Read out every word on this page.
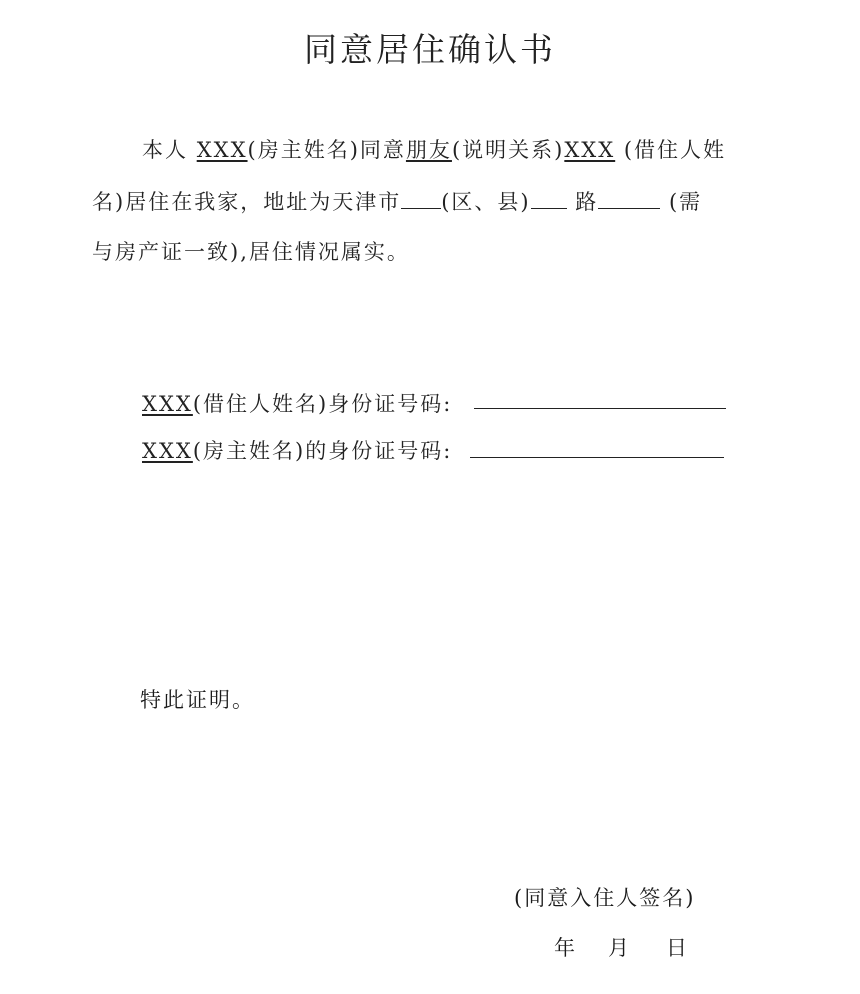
同意居住确认书
本人 XXX(房主姓名)同意朋友(说明关系)XXX (借住人姓
名)居住在我家，地址为天津市 (区、县) 路	(需
与房产证一致),居住情况属实。
XXX(借住人姓名)身份证号码:
XXX(房主姓名)的身份证号码:
特此证明。
(同意入住人签名)
年 月 日
